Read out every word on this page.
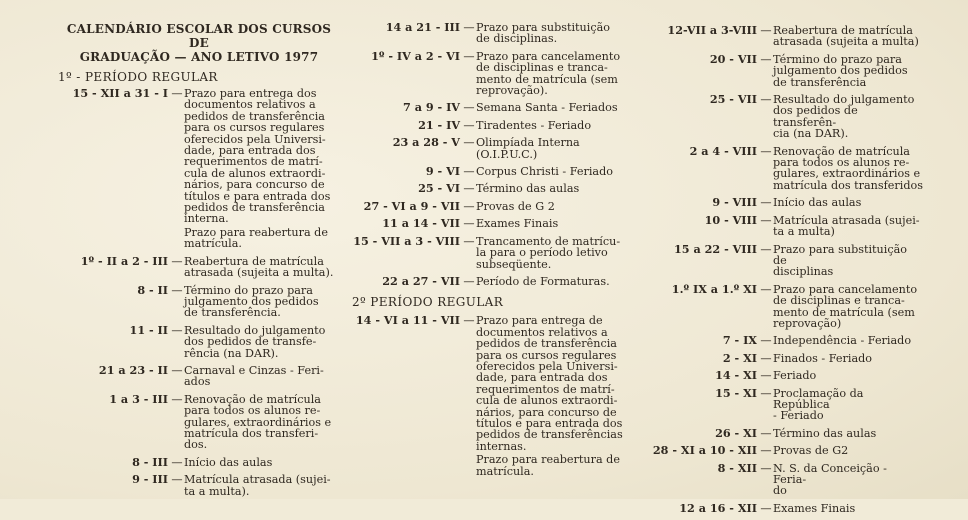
CALENDÁRIO ESCOLAR DOS CURSOS DE
GRADUAÇÃO — ANO LETIVO 1977
1º - PERÍODO REGULAR
15 - XII a 31 - I — Prazo para entrega dos
documentos relativos a
pedidos de transferência
para os cursos regulares
oferecidos pela Universi-
dade, para entrada dos
requerimentos de matrí-
cula de alunos extraordi-
nários, para concurso de
títulos e para entrada dos
pedidos de transferência
interna.
Prazo para reabertura de
matrícula.
1º - II a 2 - III — Reabertura de matrícula
atrasada (sujeita a multa).
8 - II — Término do prazo para
julgamento dos pedidos
de transferência.
11 - II — Resultado do julgamento
dos pedidos de transfe-
rência (na DAR).
21 a 23 - II — Carnaval e Cinzas - Feri-
ados
1 a 3 - III — Renovação de matrícula
para todos os alunos re-
gulares, extraordinários e
matrícula dos transferi-
dos.
8 - III — Início das aulas
9 - III — Matrícula atrasada (sujei-
ta a multa).
14 a 21 - III — Prazo para substituição
de disciplinas.
1º - IV a 2 - VI — Prazo para cancelamento
de disciplinas e tranca-
mento de matrícula (sem
reprovação).
7 a 9 - IV — Semana Santa - Feriados
21 - IV — Tiradentes - Feriado
23 a 28 - V — Olimpíada Interna
(O.I.P.U.C.)
9 - VI — Corpus Christi - Feriado
25 - VI — Término das aulas
27 - VI a 9 - VII — Provas de G 2
11 a 14 - VII — Exames Finais
15 - VII a 3 - VIII — Trancamento de matrícu-
la para o período letivo
subseqüente.
22 a 27 - VII — Período de Formaturas.
2º PERÍODO REGULAR
14 - VI a 11 - VII — Prazo para entrega de
documentos relativos a
pedidos de transferência
para os cursos regulares
oferecidos pela Universi-
dade, para entrada dos
requerimentos de matrí-
cula de alunos extraordi-
nários, para concurso de
títulos e para entrada dos
pedidos de transferências
internas.
Prazo para reabertura de
matrícula.
12-VII a 3-VIII — Reabertura de matrícula
atrasada (sujeita a multa)
20 - VII — Término do prazo para
julgamento dos pedidos
de transferência
25 - VII — Resultado do julgamento
dos pedidos de transferên-
cia (na DAR).
2 a 4 - VIII — Renovação de matrícula
para todos os alunos re-
gulares, extraordinários e
matrícula dos transferidos
9 - VIII — Início das aulas
10 - VIII — Matrícula atrasada (sujei-
ta a multa)
15 a 22 - VIII — Prazo para substituição de
disciplinas
1.º IX a 1.º XI — Prazo para cancelamento
de disciplinas e tranca-
mento de matrícula (sem
reprovação)
7 - IX — Independência - Feriado
2 - XI — Finados - Feriado
14 - XI — Feriado
15 - XI — Proclamação da República
- Feriado
26 - XI — Término das aulas
28 - XI a 10 - XII — Provas de G2
8 - XII — N. S. da Conceição - Feria-
do
12 a 16 - XII — Exames Finais
